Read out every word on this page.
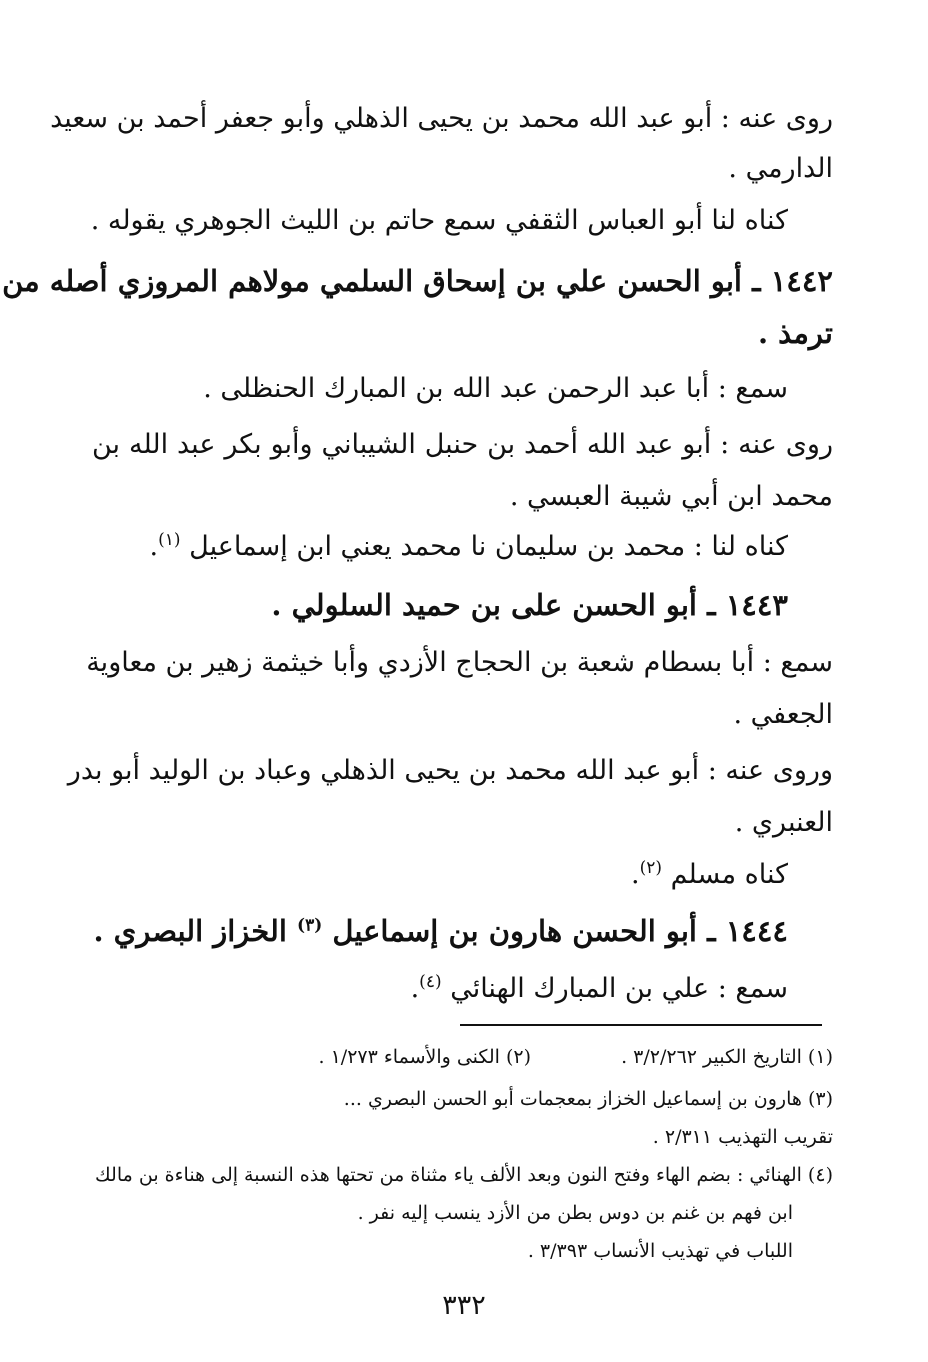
روى عنه : أبو عبد الله محمد بن يحيى الذهلي وأبو جعفر أحمد بن سعيد
الدارمي .
كناه لنا أبو العباس الثقفي سمع حاتم بن الليث الجوهري يقوله .
١٤٤٢ ـ أبو الحسن علي بن إسحاق السلمي مولاهم المروزي أصله من
ترمذ .
سمع : أبا عبد الرحمن عبد الله بن المبارك الحنظلى .
روى عنه : أبو عبد الله أحمد بن حنبل الشيباني وأبو بكر عبد الله بن
محمد ابن أبي شيبة العبسي .
كناه لنا : محمد بن سليمان نا محمد يعني ابن إسماعيل $^{(١)}$.
١٤٤٣ ـ أبو الحسن على بن حميد السلولي .
سمع : أبا بسطام شعبة بن الحجاج الأزدي وأبا خيثمة زهير بن معاوية
الجعفي .
وروى عنه : أبو عبد الله محمد بن يحيى الذهلي وعباد بن الوليد أبو بدر
العنبري .
كناه مسلم $^{(٢)}$.
١٤٤٤ ـ أبو الحسن هارون بن إسماعيل $^{(٣)}$ الخزاز البصري .
سمع : علي بن المبارك الهنائي $^{(٤)}$.
(١) التاريخ الكبير ٣/٢/٢٦٢ .(٢) الكنى والأسماء ١/٢٧٣ .
(٣) هارون بن إسماعيل الخزاز بمعجمات أبو الحسن البصري ...
تقريب التهذيب ٢/٣١١ .
(٤) الهنائي : بضم الهاء وفتح النون وبعد الألف ياء مثناة من تحتها هذه النسبة إلى هناءة بن مالك
ابن فهم بن غنم بن دوس بطن من الأزد ينسب إليه نفر .
اللباب في تهذيب الأنساب ٣/٣٩٣ .
٣٣٢
